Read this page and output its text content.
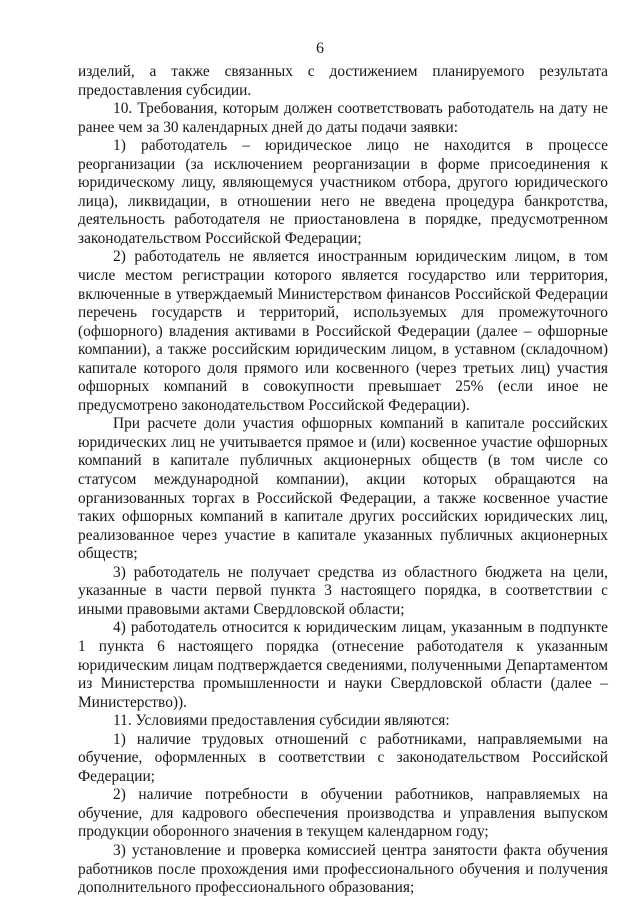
6

изделий, а также связанных с достижением планируемого результата предоставления субсидии.

10. Требования, которым должен соответствовать работодатель на дату не ранее чем за 30 календарных дней до даты подачи заявки:

1) работодатель – юридическое лицо не находится в процессе реорганизации (за исключением реорганизации в форме присоединения к юридическому лицу, являющемуся участником отбора, другого юридического лица), ликвидации, в отношении него не введена процедура банкротства, деятельность работодателя не приостановлена в порядке, предусмотренном законодательством Российской Федерации;

2) работодатель не является иностранным юридическим лицом, в том числе местом регистрации которого является государство или территория, включенные в утверждаемый Министерством финансов Российской Федерации перечень государств и территорий, используемых для промежуточного (офшорного) владения активами в Российской Федерации (далее – офшорные компании), а также российским юридическим лицом, в уставном (складочном) капитале которого доля прямого или косвенного (через третьих лиц) участия офшорных компаний в совокупности превышает 25% (если иное не предусмотрено законодательством Российской Федерации).

При расчете доли участия офшорных компаний в капитале российских юридических лиц не учитывается прямое и (или) косвенное участие офшорных компаний в капитале публичных акционерных обществ (в том числе со статусом международной компании), акции которых обращаются на организованных торгах в Российской Федерации, а также косвенное участие таких офшорных компаний в капитале других российских юридических лиц, реализованное через участие в капитале указанных публичных акционерных обществ;

3) работодатель не получает средства из областного бюджета на цели, указанные в части первой пункта 3 настоящего порядка, в соответствии с иными правовыми актами Свердловской области;

4) работодатель относится к юридическим лицам, указанным в подпункте 1 пункта 6 настоящего порядка (отнесение работодателя к указанным юридическим лицам подтверждается сведениями, полученными Департаментом из Министерства промышленности и науки Свердловской области (далее – Министерство)).

11. Условиями предоставления субсидии являются:

1) наличие трудовых отношений с работниками, направляемыми на обучение, оформленных в соответствии с законодательством Российской Федерации;

2) наличие потребности в обучении работников, направляемых на обучение, для кадрового обеспечения производства и управления выпуском продукции оборонного значения в текущем календарном году;

3) установление и проверка комиссией центра занятости факта обучения работников после прохождения ими профессионального обучения и получения дополнительного профессионального образования;
